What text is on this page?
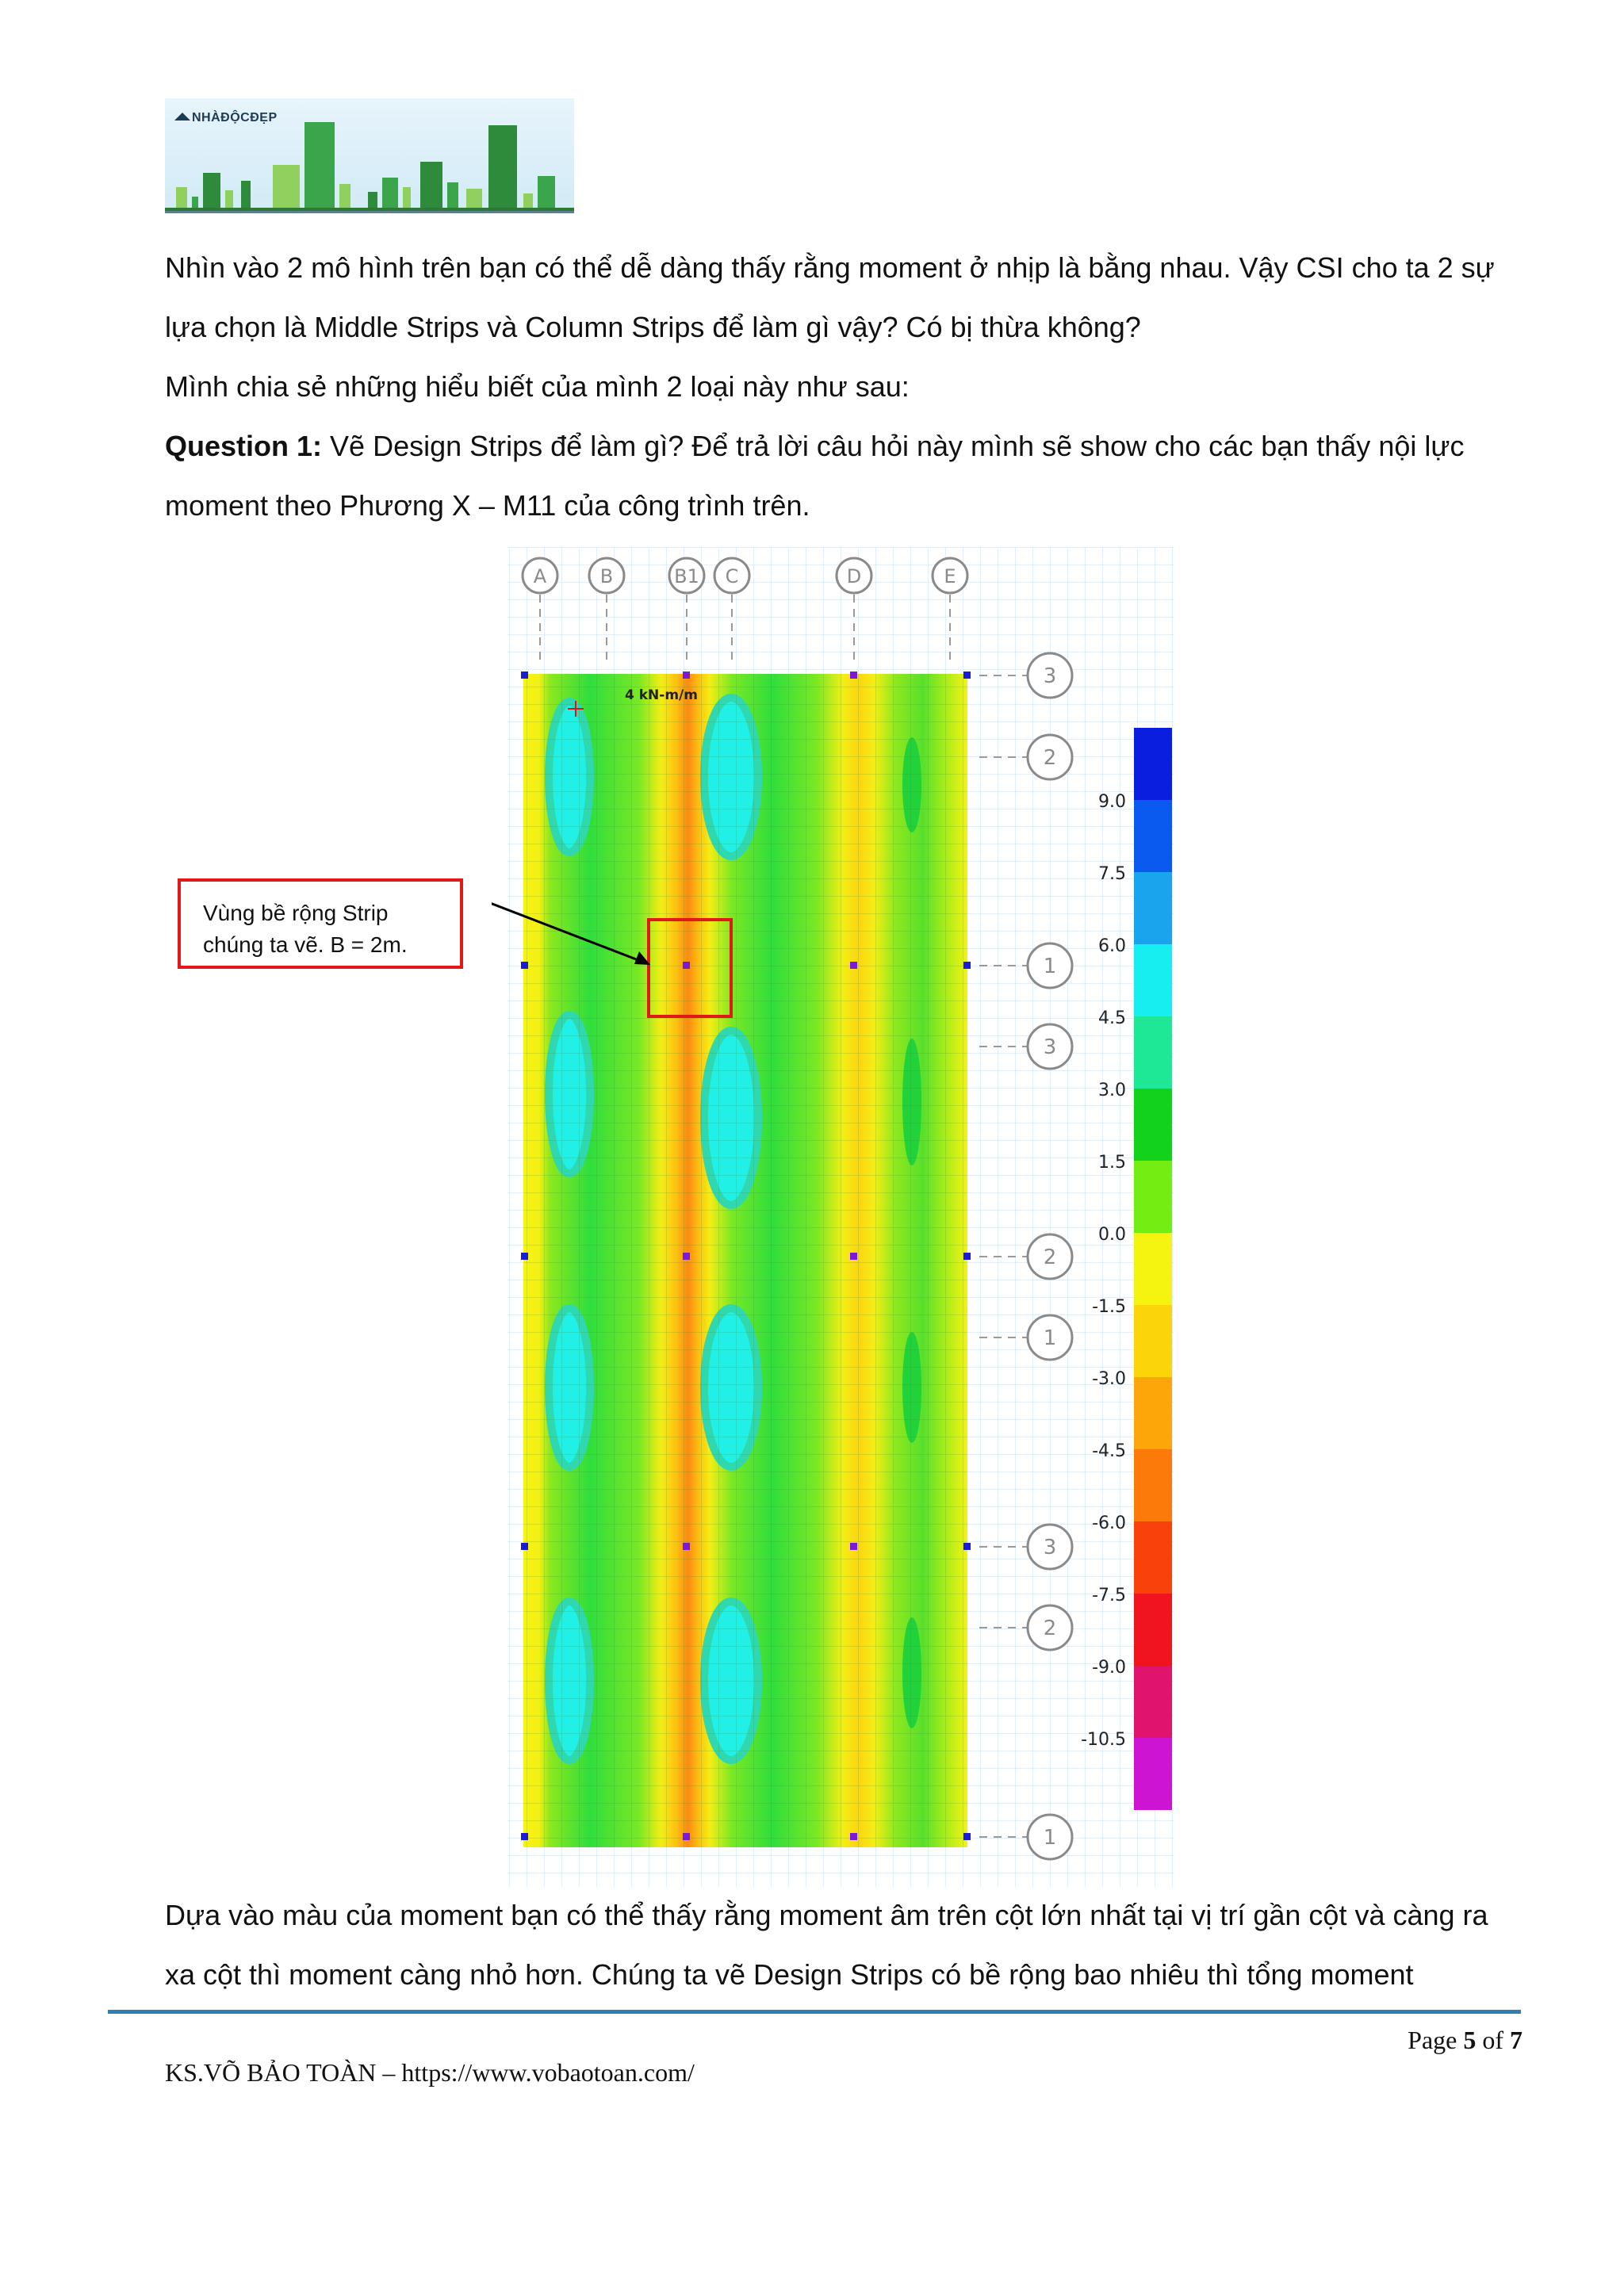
NHÀĐỘCĐẸP

Nhìn vào 2 mô hình trên bạn có thể dễ dàng thấy rằng moment ở nhịp là bằng nhau. Vậy CSI cho ta 2 sự lựa chọn là Middle Strips và Column Strips để làm gì vậy? Có bị thừa không?

Mình chia sẻ những hiểu biết của mình 2 loại này như sau:

Question 1: Vẽ Design Strips để làm gì? Để trả lời câu hỏi này mình sẽ show cho các bạn thấy nội lực moment theo Phương X – M11 của công trình trên.

A	B	B1 C	D	E
3
2
1
3
2
1
3
2
1
4 kN-m/m
9.0
7.5
6.0
4.5
3.0
1.5
0.0
-1.5
-3.0
-4.5
-6.0
-7.5
-9.0
-10.5
Vùng bề rộng Strip
chúng ta vẽ. B = 2m.

Dựa vào màu của moment bạn có thể thấy rằng moment âm trên cột lớn nhất tại vị trí gần cột và càng ra xa cột thì moment càng nhỏ hơn. Chúng ta vẽ Design Strips có bề rộng bao nhiêu thì tổng moment

Page 5 of 7
KS.VÕ BẢO TOÀN – https://www.vobaotoan.com/
